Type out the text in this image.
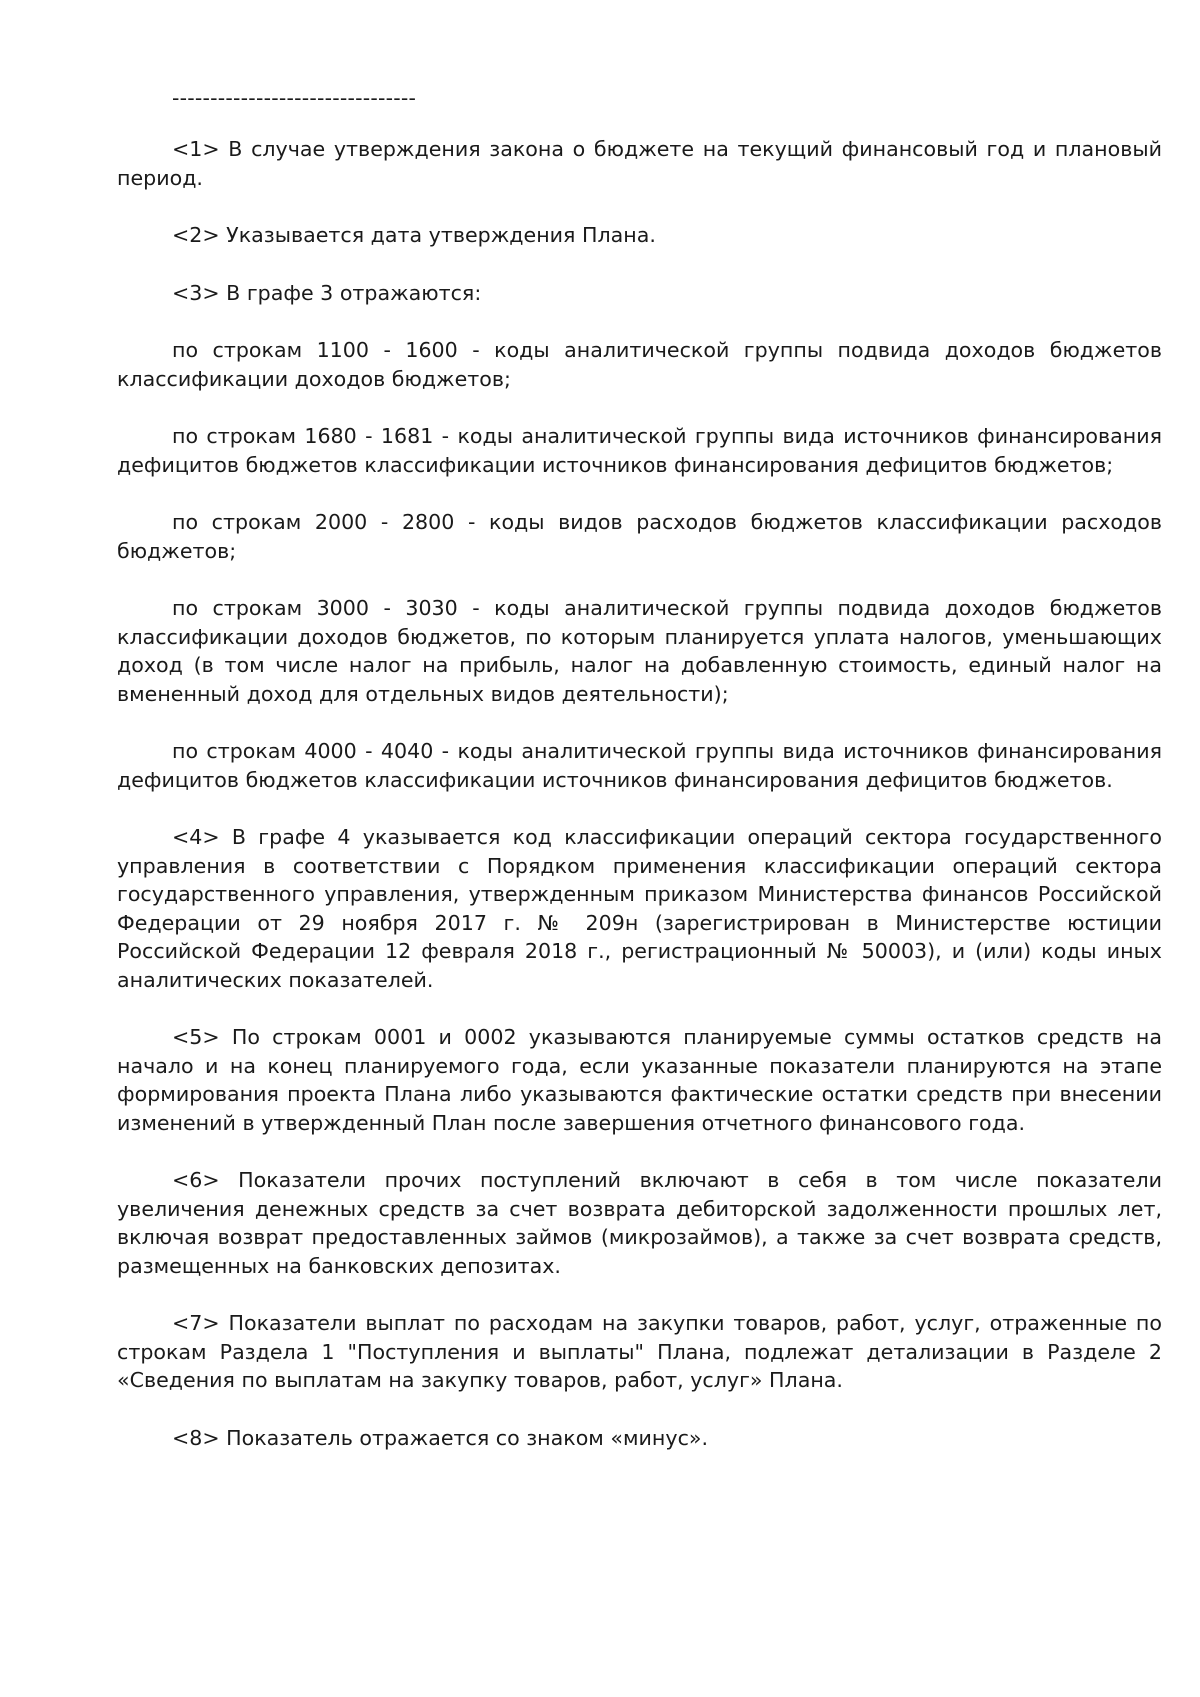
--------------------------------

<1> В случае утверждения закона о бюджете на текущий финансовый год и плановый период.

<2> Указывается дата утверждения Плана.

<3> В графе 3 отражаются:

по строкам 1100 - 1600 - коды аналитической группы подвида доходов бюджетов классификации доходов бюджетов;

по строкам 1680 - 1681 - коды аналитической группы вида источников финансирования дефицитов бюджетов классификации источников финансирования дефицитов бюджетов;

по строкам 2000 - 2800 - коды видов расходов бюджетов классификации расходов бюджетов;

по строкам 3000 - 3030 - коды аналитической группы подвида доходов бюджетов классификации доходов бюджетов, по которым планируется уплата налогов, уменьшающих доход (в том числе налог на прибыль, налог на добавленную стоимость, единый налог на вмененный доход для отдельных видов деятельности);

по строкам 4000 - 4040 - коды аналитической группы вида источников финансирования дефицитов бюджетов классификации источников финансирования дефицитов бюджетов.

<4> В графе 4 указывается код классификации операций сектора государственного управления в соответствии с Порядком применения классификации операций сектора государственного управления, утвержденным приказом Министерства финансов Российской Федерации от 29 ноября 2017 г. № 209н (зарегистрирован в Министерстве юстиции Российской Федерации 12 февраля 2018 г., регистрационный № 50003), и (или) коды иных аналитических показателей.

<5> По строкам 0001 и 0002 указываются планируемые суммы остатков средств на начало и на конец планируемого года, если указанные показатели планируются на этапе формирования проекта Плана либо указываются фактические остатки средств при внесении изменений в утвержденный План после завершения отчетного финансового года.

<6> Показатели прочих поступлений включают в себя в том числе показатели увеличения денежных средств за счет возврата дебиторской задолженности прошлых лет, включая возврат предоставленных займов (микрозаймов), а также за счет возврата средств, размещенных на банковских депозитах.

<7> Показатели выплат по расходам на закупки товаров, работ, услуг, отраженные по строкам Раздела 1 "Поступления и выплаты" Плана, подлежат детализации в Разделе 2 «Сведения по выплатам на закупку товаров, работ, услуг» Плана.

<8> Показатель отражается со знаком «минус».
